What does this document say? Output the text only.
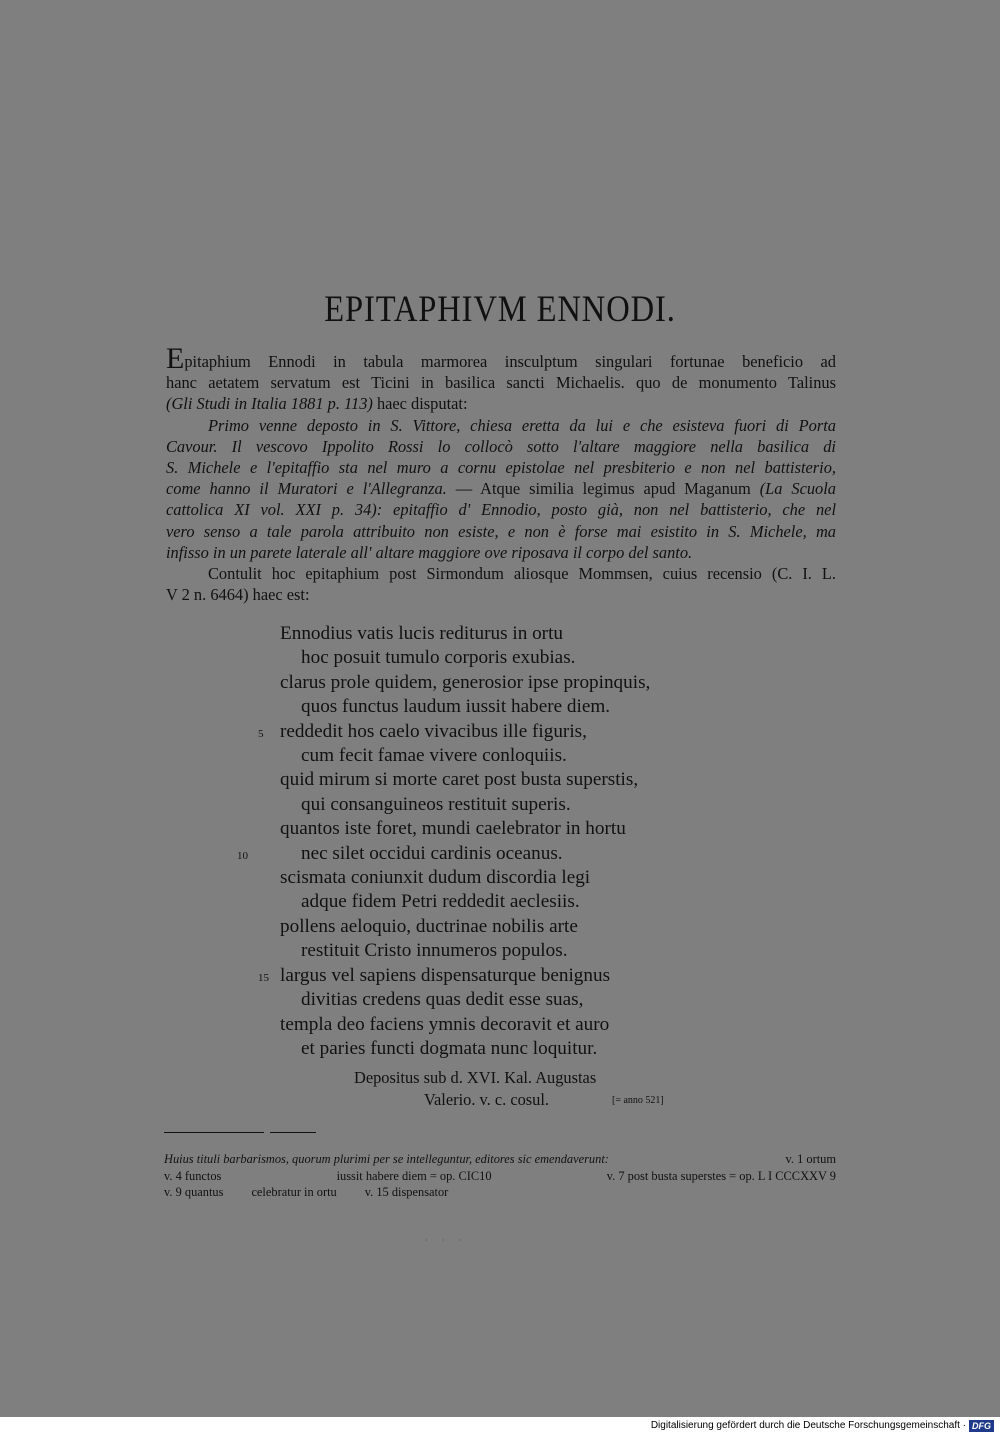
EPITAPHIVM ENNODI.
Epitaphium Ennodi in tabula marmorea insculptum singulari fortunae beneficio ad
hanc aetatem servatum est Ticini in basilica sancti Michaelis. quo de monumento Talinus
(Gli Studi in Italia 1881 p. 113) haec disputat:
Primo venne deposto in S. Vittore, chiesa eretta da lui e che esisteva fuori di Porta
Cavour. Il vescovo Ippolito Rossi lo collocò sotto l'altare maggiore nella basilica di
S. Michele e l'epitaffio sta nel muro a cornu epistolae nel presbiterio e non nel battisterio,
come hanno il Muratori e l'Allegranza. — Atque similia legimus apud Maganum (La Scuola
cattolica XI vol. XXI p. 34): epitaffio d' Ennodio, posto già, non nel battisterio, che nel
vero senso a tale parola attribuito non esiste, e non è forse mai esistito in S. Michele, ma
infisso in un parete laterale all' altare maggiore ove riposava il corpo del santo.
Contulit hoc epitaphium post Sirmondum aliosque Mommsen, cuius recensio (C. I. L.
V 2 n. 6464) haec est:
Ennodius vatis lucis rediturus in ortu
hoc posuit tumulo corporis exubias.
clarus prole quidem, generosior ipse propinquis,
quos functus laudum iussit habere diem.
5 reddedit hos caelo vivacibus ille figuris,
cum fecit famae vivere conloquiis.
quid mirum si morte caret post busta superstis,
qui consanguineos restituit superis.
quantos iste foret, mundi caelebrator in hortu
10	nec silet occidui cardinis oceanus.
scismata coniunxit dudum discordia legi
adque fidem Petri reddedit aeclesiis.
pollens aeloquio, ductrinae nobilis arte
restituit Cristo innumeros populos.
15 largus vel sapiens dispensaturque benignus
divitias credens quas dedit esse suas,
templa deo faciens ymnis decoravit et auro
et paries functi dogmata nunc loquitur.
Depositus sub d. XVI. Kal. Augustas
Valerio. v. c. cosul.	[= anno 521]
Huius tituli barbarismos, quorum plurimi per se intelleguntur, editores sic emendaverunt:	v. 1 ortum
v. 4 functos	iussit habere diem = op. CIC10	v. 7 post busta superstes = op. L I CCCXXV 9
v. 9 quantus celebratur in ortu v. 15 dispensator
· · ·
Digitalisierung gefördert durch die Deutsche Forschungsgemeinschaft · DFG
